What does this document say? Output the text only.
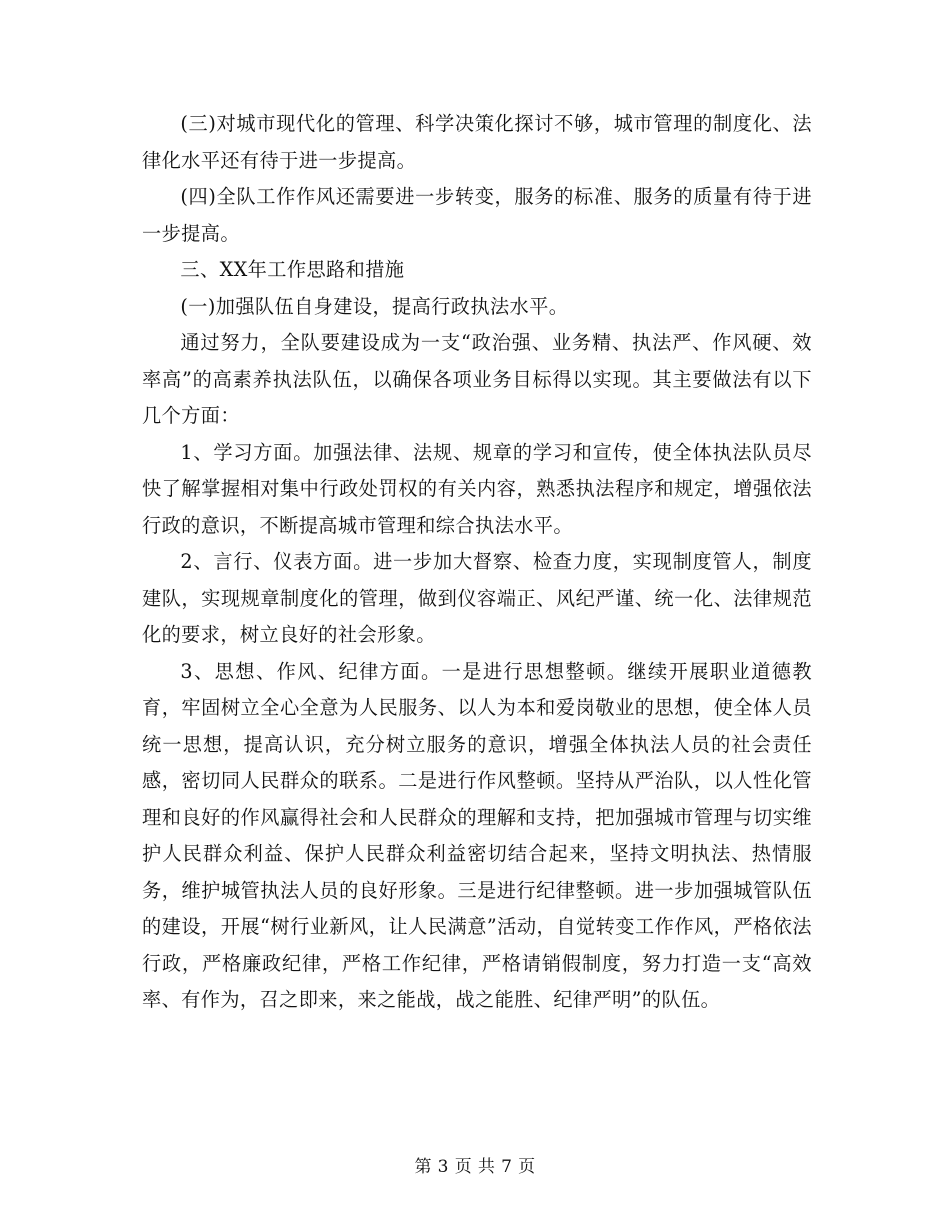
(三)对城市现代化的管理、科学决策化探讨不够，城市管理的制度化、法律化水平还有待于进一步提高。

(四)全队工作作风还需要进一步转变，服务的标准、服务的质量有待于进一步提高。

三、XX年工作思路和措施

(一)加强队伍自身建设，提高行政执法水平。

通过努力，全队要建设成为一支“政治强、业务精、执法严、作风硬、效率高”的高素养执法队伍，以确保各项业务目标得以实现。其主要做法有以下几个方面：

1、学习方面。加强法律、法规、规章的学习和宣传，使全体执法队员尽快了解掌握相对集中行政处罚权的有关内容，熟悉执法程序和规定，增强依法行政的意识，不断提高城市管理和综合执法水平。

2、言行、仪表方面。进一步加大督察、检查力度，实现制度管人，制度建队，实现规章制度化的管理，做到仪容端正、风纪严谨、统一化、法律规范化的要求，树立良好的社会形象。

3、思想、作风、纪律方面。一是进行思想整顿。继续开展职业道德教育，牢固树立全心全意为人民服务、以人为本和爱岗敬业的思想，使全体人员统一思想，提高认识，充分树立服务的意识，增强全体执法人员的社会责任感，密切同人民群众的联系。二是进行作风整顿。坚持从严治队，以人性化管理和良好的作风赢得社会和人民群众的理解和支持，把加强城市管理与切实维护人民群众利益、保护人民群众利益密切结合起来，坚持文明执法、热情服务，维护城管执法人员的良好形象。三是进行纪律整顿。进一步加强城管队伍的建设，开展“树行业新风，让人民满意”活动，自觉转变工作作风，严格依法行政，严格廉政纪律，严格工作纪律，严格请销假制度，努力打造一支“高效率、有作为，召之即来，来之能战，战之能胜、纪律严明”的队伍。

第 3 页 共 7 页
